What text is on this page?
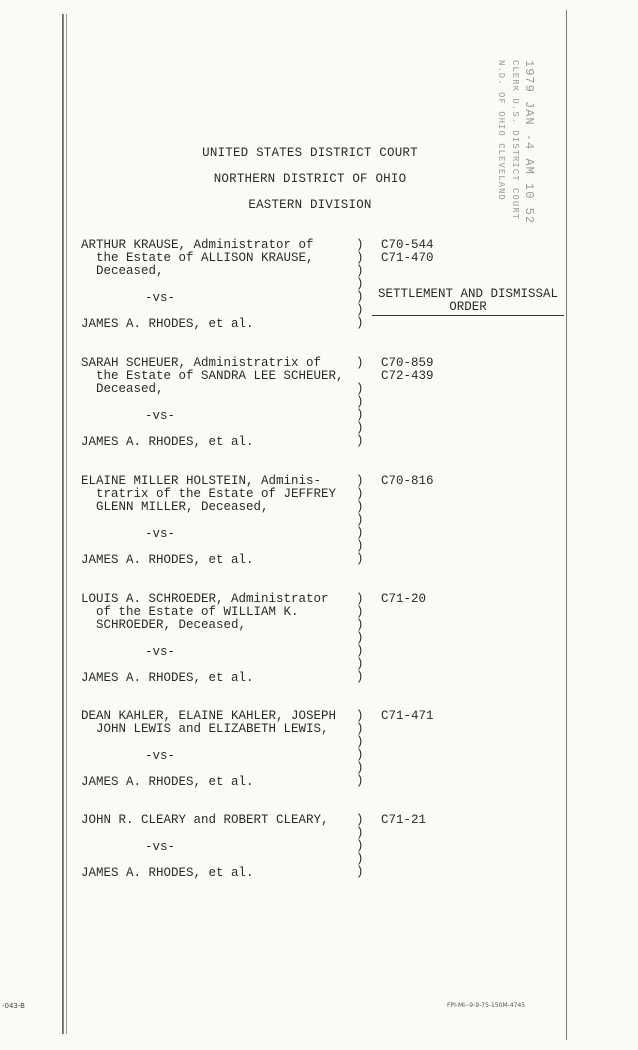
1979 JAN -4 AM 10 52
CLERK U.S. DISTRICT COURT
N.D. OF OHIO CLEVELAND
UNITED STATES DISTRICT COURT
NORTHERN DISTRICT OF OHIO
EASTERN DIVISION
SETTLEMENT AND DISMISSAL
ORDER
ARTHUR KRAUSE, Administrator of
the Estate of ALLISON KRAUSE,
Deceased,
)
)
)
)
)
)
)
C70-544
C71-470
-vs-
JAMES A. RHODES, et al.
SARAH SCHEUER, Administratrix of
the Estate of SANDRA LEE SCHEUER,
Deceased,
)

)
)
)
)
)
C70-859
C72-439
-vs-
JAMES A. RHODES, et al.
ELAINE MILLER HOLSTEIN, Adminis-
tratrix of the Estate of JEFFREY
GLENN MILLER, Deceased,
)
)
)
)
)
)
)
C70-816
-vs-
JAMES A. RHODES, et al.
LOUIS A. SCHROEDER, Administrator
of the Estate of WILLIAM K.
SCHROEDER, Deceased,
)
)
)
)
)
)
)
C71-20
-vs-
JAMES A. RHODES, et al.
DEAN KAHLER, ELAINE KAHLER, JOSEPH
JOHN LEWIS and ELIZABETH LEWIS,
)
)
)
)
)
)
C71-471
-vs-
JAMES A. RHODES, et al.
JOHN R. CLEARY and ROBERT CLEARY,	)
)
)
)
)
C71-21
-vs-
JAMES A. RHODES, et al.
-043-B	FPI-MI--9-9-75-150M-4745
